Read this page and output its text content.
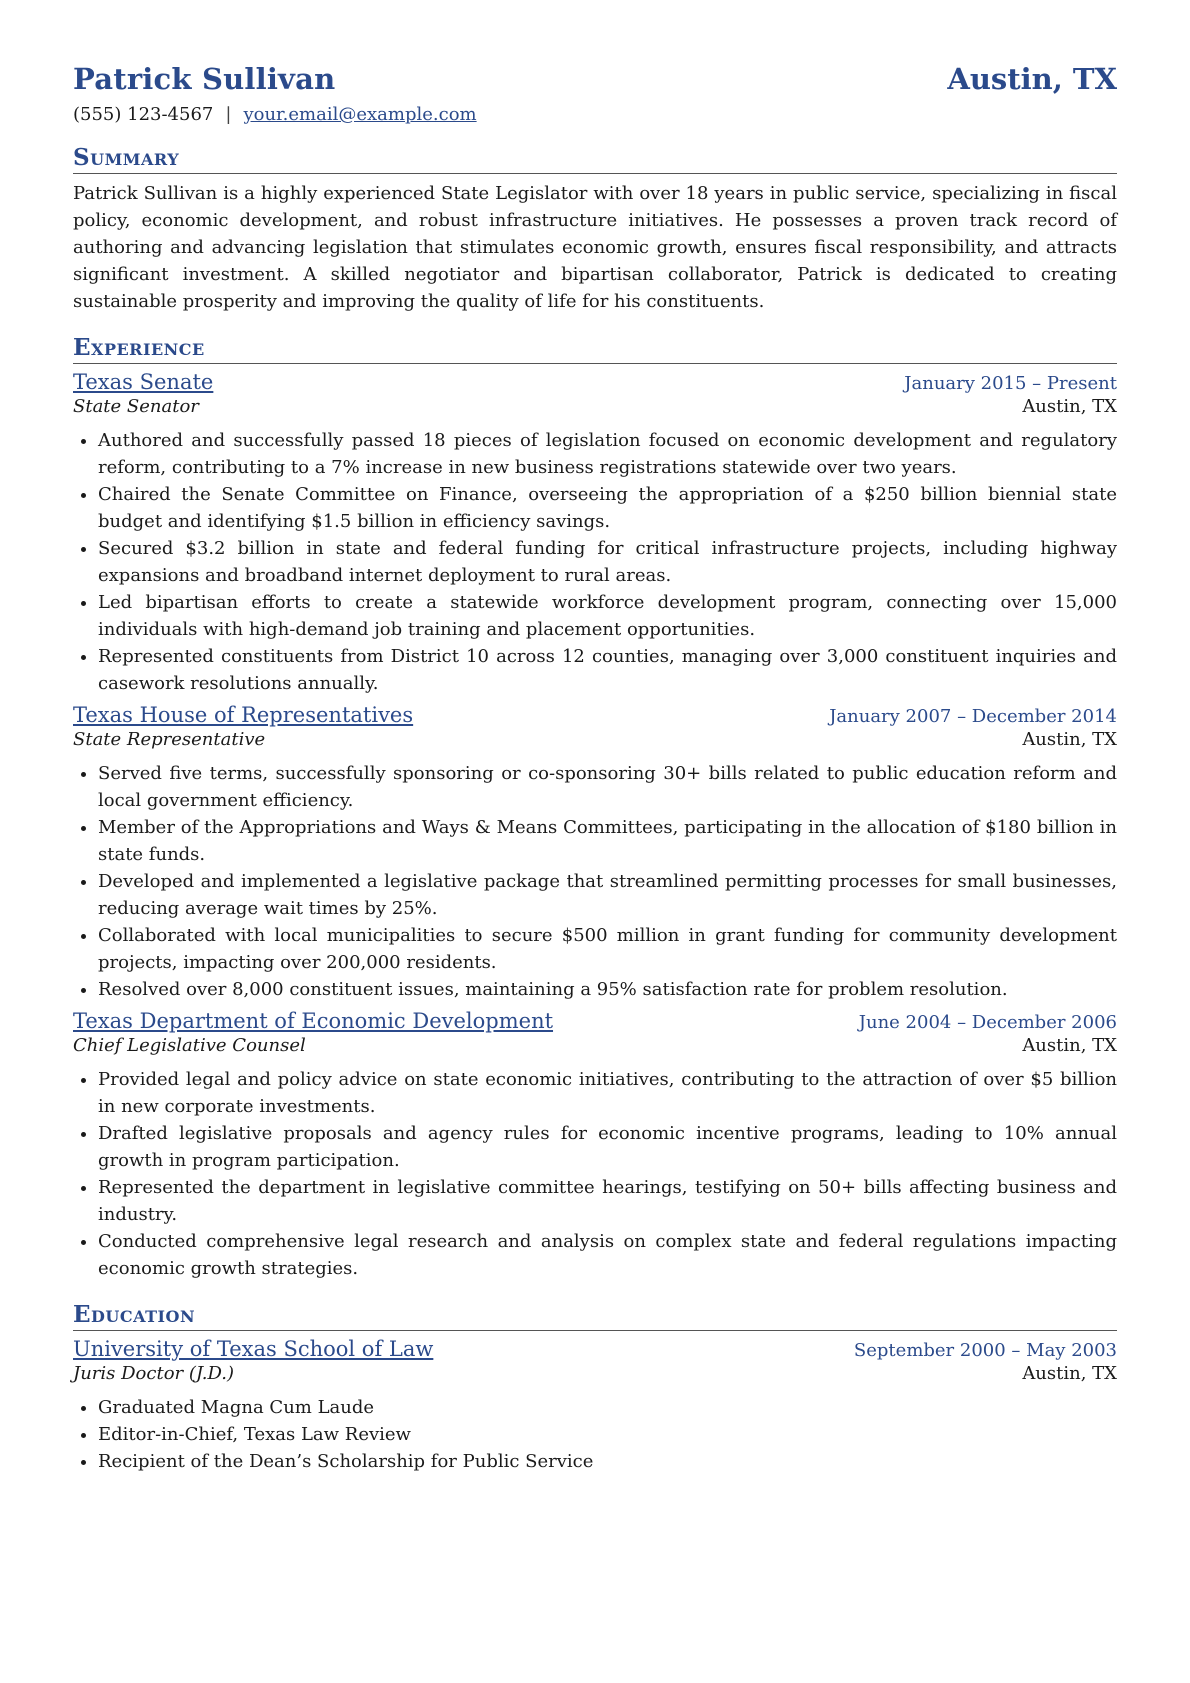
Patrick Sullivan	Austin, TX
(555) 123-4567 | your.email@example.com
Summary
Patrick Sullivan is a highly experienced State Legislator with over 18 years in public service, specializing in fiscal policy, economic development, and robust infrastructure initiatives. He possesses a proven track record of authoring and advancing legislation that stimulates economic growth, ensures fiscal responsibility, and attracts significant investment. A skilled negotiator and bipartisan collaborator, Patrick is dedicated to creating sustainable prosperity and improving the quality of life for his constituents.
Experience
Texas Senate	January 2015 – Present
State Senator	Austin, TX
• Authored and successfully passed 18 pieces of legislation focused on economic development and regulatory reform, contributing to a 7% increase in new business registrations statewide over two years.
• Chaired the Senate Committee on Finance, overseeing the appropriation of a $250 billion biennial state budget and identifying $1.5 billion in efficiency savings.
• Secured $3.2 billion in state and federal funding for critical infrastructure projects, including highway expansions and broadband internet deployment to rural areas.
• Led bipartisan efforts to create a statewide workforce development program, connecting over 15,000 individuals with high-demand job training and placement opportunities.
• Represented constituents from District 10 across 12 counties, managing over 3,000 constituent inquiries and casework resolutions annually.
Texas House of Representatives	January 2007 – December 2014
State Representative	Austin, TX
• Served five terms, successfully sponsoring or co-sponsoring 30+ bills related to public education reform and local government efficiency.
• Member of the Appropriations and Ways & Means Committees, participating in the allocation of $180 billion in state funds.
• Developed and implemented a legislative package that streamlined permitting processes for small businesses, reducing average wait times by 25%.
• Collaborated with local municipalities to secure $500 million in grant funding for community development projects, impacting over 200,000 residents.
• Resolved over 8,000 constituent issues, maintaining a 95% satisfaction rate for problem resolution.
Texas Department of Economic Development	June 2004 – December 2006
Chief Legislative Counsel	Austin, TX
• Provided legal and policy advice on state economic initiatives, contributing to the attraction of over $5 billion in new corporate investments.
• Drafted legislative proposals and agency rules for economic incentive programs, leading to 10% annual growth in program participation.
• Represented the department in legislative committee hearings, testifying on 50+ bills affecting business and industry.
• Conducted comprehensive legal research and analysis on complex state and federal regulations impacting economic growth strategies.
Education
University of Texas School of Law	September 2000 – May 2003
Juris Doctor (J.D.)	Austin, TX
• Graduated Magna Cum Laude
• Editor-in-Chief, Texas Law Review
• Recipient of the Dean’s Scholarship for Public Service
